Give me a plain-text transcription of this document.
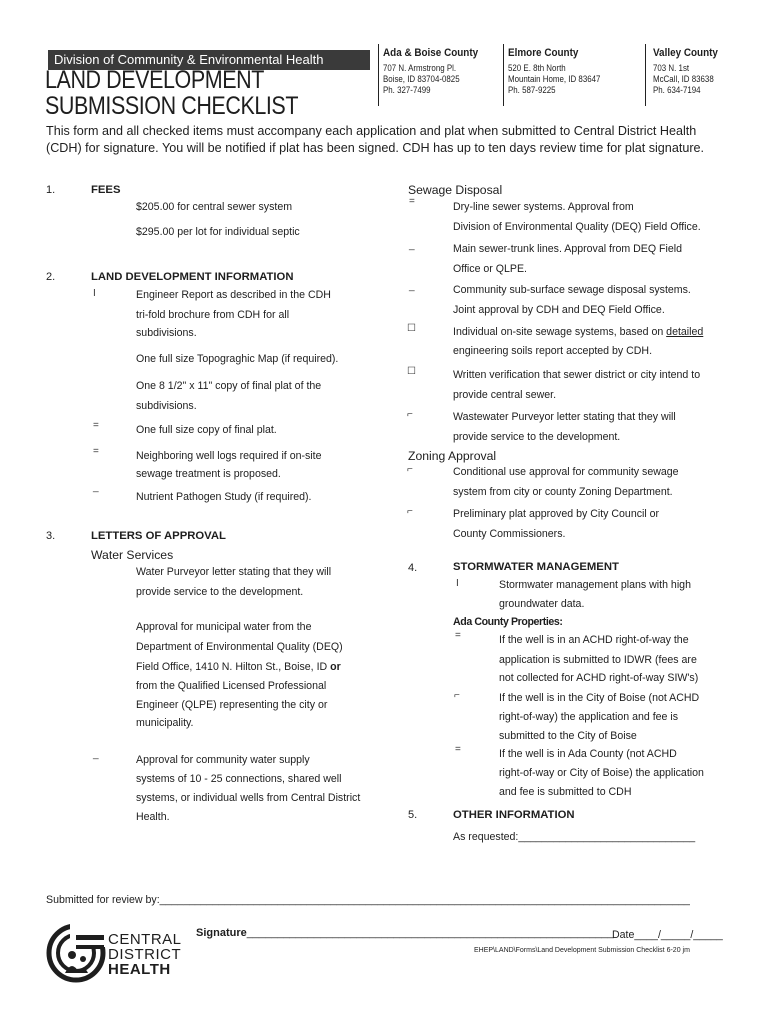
Division of Community & Environmental Health
LAND DEVELOPMENT
SUBMISSION CHECKLIST
Ada & Boise County
707 N. Armstrong Pl.
Boise, ID 83704-0825
Ph. 327-7499
Elmore County
520 E. 8th North
Mountain Home, ID 83647
Ph. 587-9225
Valley County
703 N. 1st
McCall, ID 83638
Ph. 634-7194
This form and all checked items must accompany each application and plat when submitted to Central District Health
(CDH) for signature. You will be notified if plat has been signed. CDH has up to ten days review time for plat signature.
1.	FEES
$205.00 for central sewer system
$295.00 per lot for individual septic
2.	LAND DEVELOPMENT INFORMATION
I	Engineer Report as described in the CDH
tri-fold brochure from CDH for all
subdivisions.
One full size Topograghic Map (if required).
One 8 1/2" x 11" copy of final plat of the
subdivisions.
=	One full size copy of final plat.
=	Neighboring well logs required if on-site
sewage treatment is proposed.
_
Nutrient Pathogen Study (if required).
3.	LETTERS OF APPROVAL
Water Services
Water Purveyor letter stating that they will
provide service to the development.
Approval for municipal water from the
Department of Environmental Quality (DEQ)
Field Office, 1410 N. Hilton St., Boise, ID or
from the Qualified Licensed Professional
Engineer (QLPE) representing the city or
municipality.
_	Approval for community water supply
systems of 10 - 25 connections, shared well
systems, or individual wells from Central District
Health.
Sewage Disposal
=	Dry-line sewer systems. Approval from
Division of Environmental Quality (DEQ) Field Office.
_	Main sewer-trunk lines. Approval from DEQ Field
Office or QLPE.
_	Community sub-surface sewage disposal systems.
Joint approval by CDH and DEQ Field Office.
☐	Individual on-site sewage systems, based on detailed
engineering soils report accepted by CDH.
☐	Written verification that sewer district or city intend to
provide central sewer.
⌐	Wastewater Purveyor letter stating that they will
provide service to the development.
Zoning Approval
⌐	Conditional use approval for community sewage
system from city or county Zoning Department.
⌐	Preliminary plat approved by City Council or
County Commissioners.
4.	STORMWATER MANAGEMENT
I	Stormwater management plans with high
groundwater data.
Ada County Properties:
=	If the well is in an ACHD right-of-way the
application is submitted to IDWR (fees are
not collected for ACHD right-of-way SIW's)
⌐	If the well is in the City of Boise (not ACHD
right-of-way) the application and fee is
submitted to the City of Boise
=	If the well is in Ada County (not ACHD
right-of-way or City of Boise) the application
and fee is submitted to CDH
5.	OTHER INFORMATION
As requested:______________________________
Submitted for review by:__________________________________________________________________________________________
Signature____________________________________________________________
Date____/_____/_____
EHEP\LAND\Forms\Land Development Submission Checklist 6-20 jm
CENTRAL
DISTRICT
HEALTH
